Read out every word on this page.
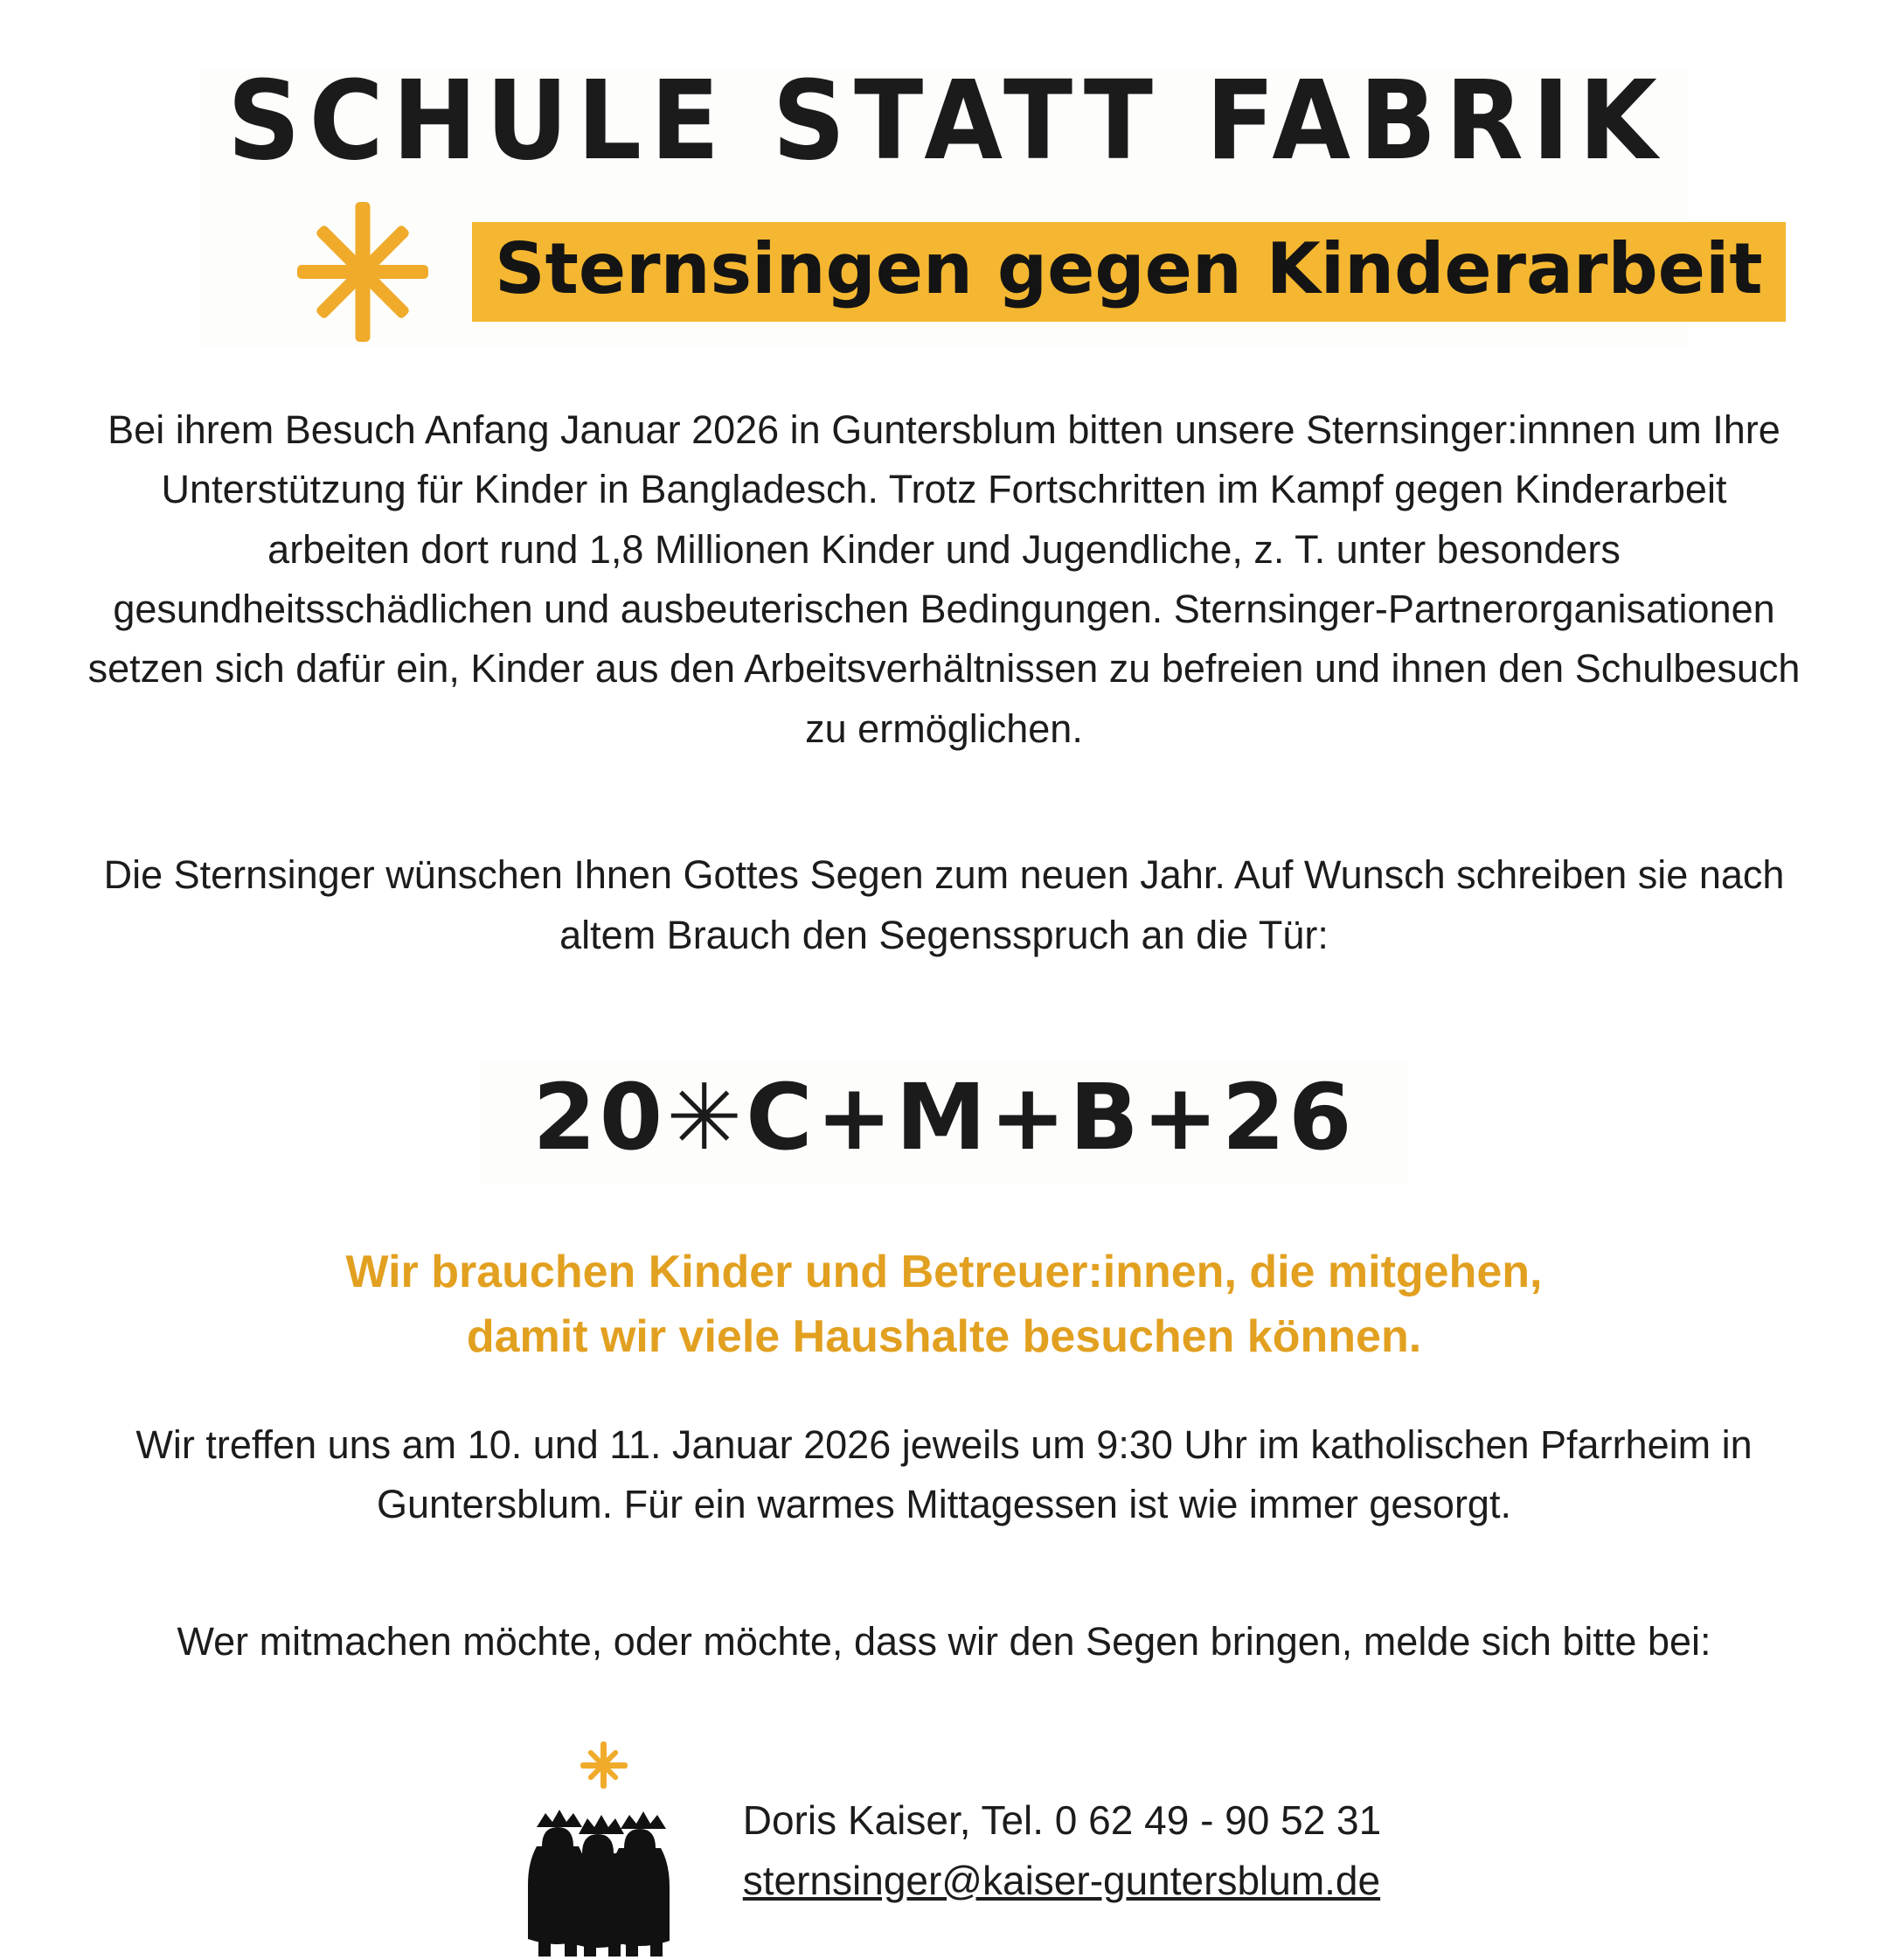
SCHULE STATT FABRIK
Sternsingen gegen Kinderarbeit

Bei ihrem Besuch Anfang Januar 2026 in Guntersblum bitten unsere Sternsinger:innnen um Ihre Unterstützung für Kinder in Bangladesch. Trotz Fortschritten im Kampf gegen Kinderarbeit arbeiten dort rund 1,8 Millionen Kinder und Jugendliche, z. T. unter besonders gesundheitsschädlichen und ausbeuterischen Bedingungen. Sternsinger-Partnerorganisationen setzen sich dafür ein, Kinder aus den Arbeitsverhältnissen zu befreien und ihnen den Schulbesuch zu ermöglichen.

Die Sternsinger wünschen Ihnen Gottes Segen zum neuen Jahr. Auf Wunsch schreiben sie nach altem Brauch den Segensspruch an die Tür:

20✳C+M+B+26
Wir brauchen Kinder und Betreuer:innen, die mitgehen,
damit wir viele Haushalte besuchen können.

Wir treffen uns am 10. und 11. Januar 2026 jeweils um 9:30 Uhr im katholischen Pfarrheim in Guntersblum. Für ein warmes Mittagessen ist wie immer gesorgt.

Wer mitmachen möchte, oder möchte, dass wir den Segen bringen, melde sich bitte bei:

Doris Kaiser, Tel. 0 62 49 - 90 52 31
sternsinger@kaiser-guntersblum.de
